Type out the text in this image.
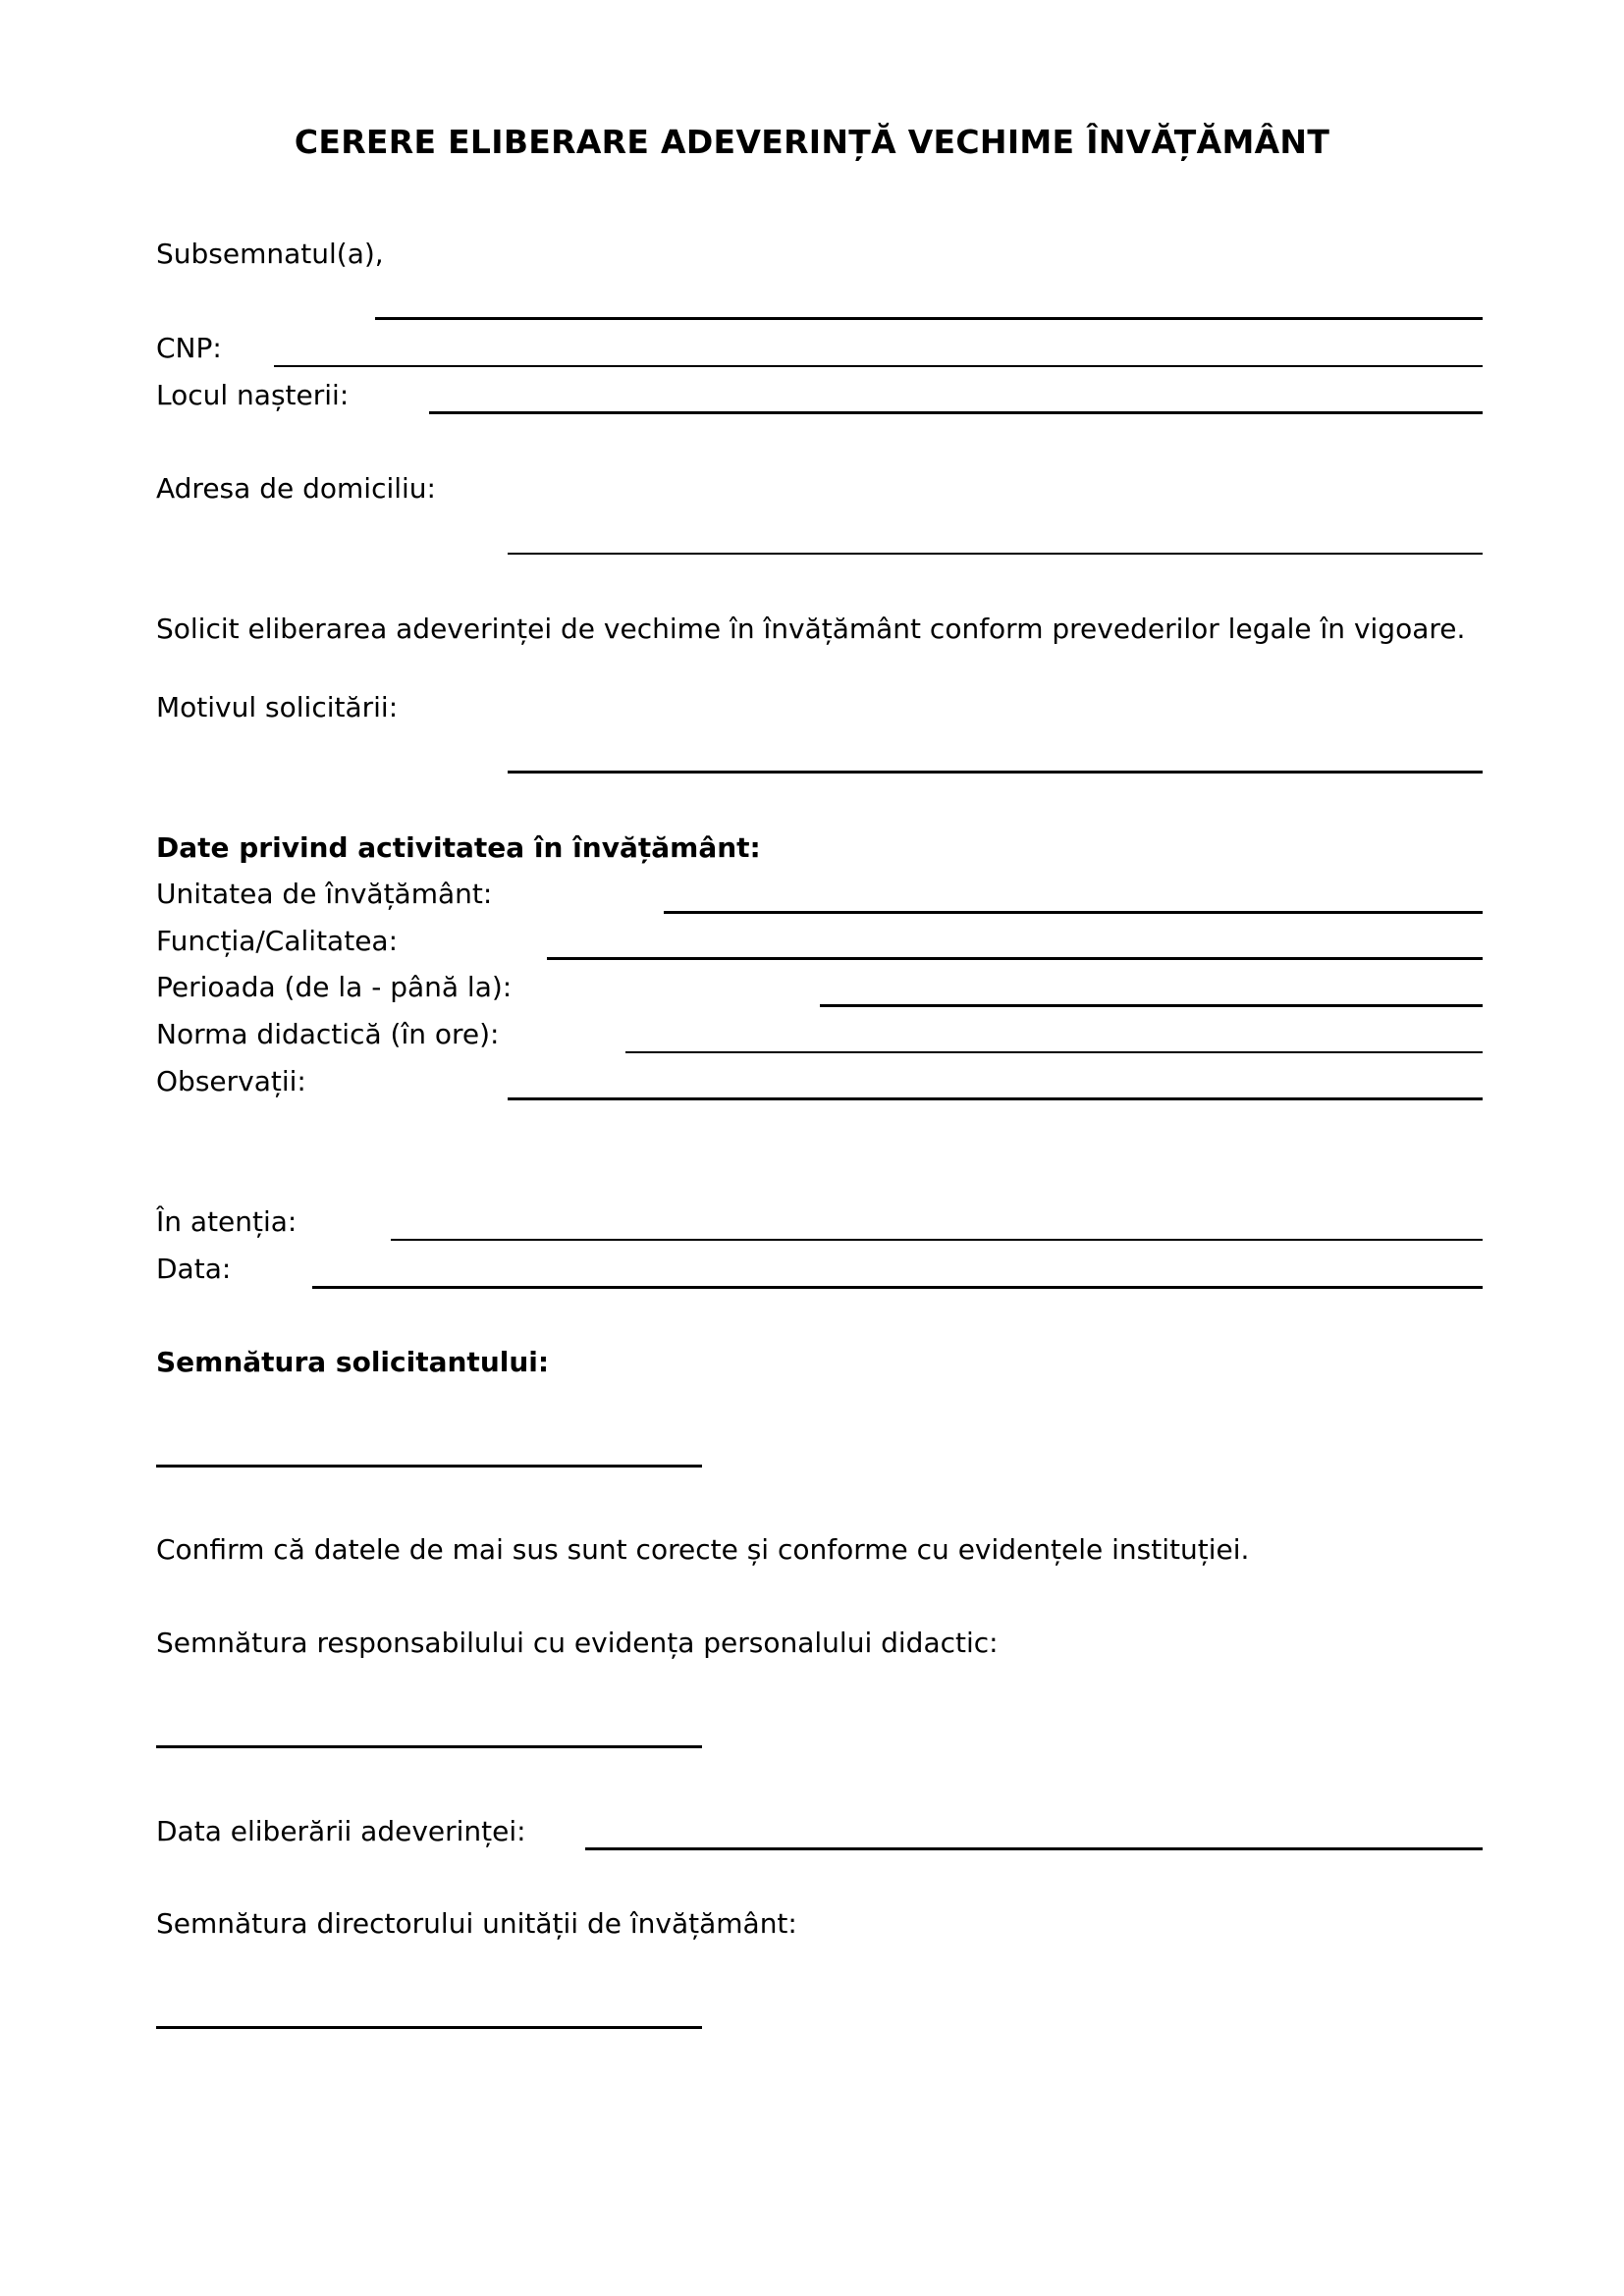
CERERE ELIBERARE ADEVERINȚĂ VECHIME ÎNVĂȚĂMÂNT
Subsemnatul(a),
CNP:
Locul nașterii:
Adresa de domiciliu:
Solicit eliberarea adeverinței de vechime în învățământ conform prevederilor legale în vigoare.
Motivul solicitării:
Date privind activitatea în învățământ:
Unitatea de învățământ:
Funcția/Calitatea:
Perioada (de la - până la):
Norma didactică (în ore):
Observații:
În atenția:
Data:
Semnătura solicitantului:
Confirm că datele de mai sus sunt corecte și conforme cu evidențele instituției.
Semnătura responsabilului cu evidența personalului didactic:
Data eliberării adeverinței:
Semnătura directorului unității de învățământ:
